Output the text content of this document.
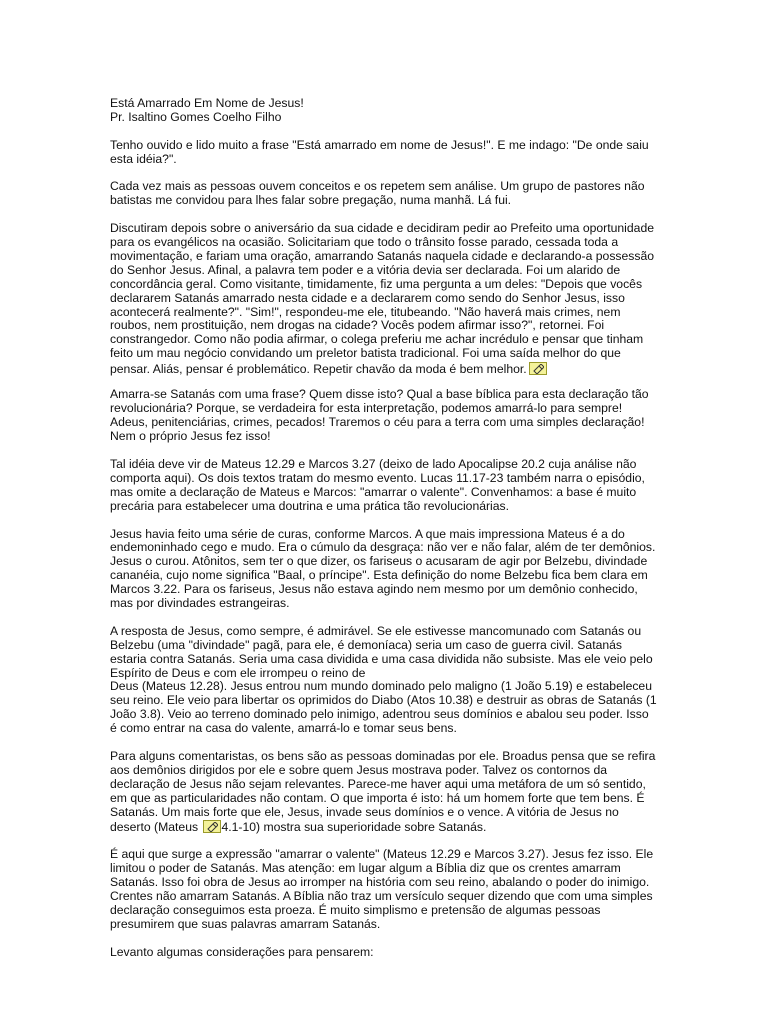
Está Amarrado Em Nome de Jesus!
Pr. Isaltino Gomes Coelho Filho

Tenho ouvido e lido muito a frase "Está amarrado em nome de Jesus!". E me indago: "De onde saiu esta idéia?".

Cada vez mais as pessoas ouvem conceitos e os repetem sem análise. Um grupo de pastores não batistas me convidou para lhes falar sobre pregação, numa manhã. Lá fui.

Discutiram depois sobre o aniversário da sua cidade e decidiram pedir ao Prefeito uma oportunidade para os evangélicos na ocasião. Solicitariam que todo o trânsito fosse parado, cessada toda a movimentação, e fariam uma oração, amarrando Satanás naquela cidade e declarando-a possessão do Senhor Jesus. Afinal, a palavra tem poder e a vitória devia ser declarada. Foi um alarido de concordância geral. Como visitante, timidamente, fiz uma pergunta a um deles: "Depois que vocês declararem Satanás amarrado nesta cidade e a declararem como sendo do Senhor Jesus, isso acontecerá realmente?". "Sim!", respondeu-me ele, titubeando. "Não haverá mais crimes, nem roubos, nem prostituição, nem drogas na cidade? Vocês podem afirmar isso?", retornei. Foi constrangedor. Como não podia afirmar, o colega preferiu me achar incrédulo e pensar que tinham feito um mau negócio convidando um preletor batista tradicional. Foi uma saída melhor do que

pensar. Aliás, pensar é problemático. Repetir chavão da moda é bem melhor.

Amarra-se Satanás com uma frase? Quem disse isto? Qual a base bíblica para esta declaração tão revolucionária? Porque, se verdadeira for esta interpretação, podemos amarrá-lo para sempre! Adeus, penitenciárias, crimes, pecados! Traremos o céu para a terra com uma simples declaração! Nem o próprio Jesus fez isso!

Tal idéia deve vir de Mateus 12.29 e Marcos 3.27 (deixo de lado Apocalipse 20.2 cuja análise não comporta aqui). Os dois textos tratam do mesmo evento. Lucas 11.17-23 também narra o episódio, mas omite a declaração de Mateus e Marcos: "amarrar o valente". Convenhamos: a base é muito precária para estabelecer uma doutrina e uma prática tão revolucionárias.

Jesus havia feito uma série de curas, conforme Marcos. A que mais impressiona Mateus é a do endemoninhado cego e mudo. Era o cúmulo da desgraça: não ver e não falar, além de ter demônios. Jesus o curou. Atônitos, sem ter o que dizer, os fariseus o acusaram de agir por Belzebu, divindade cananéia, cujo nome significa "Baal, o príncipe". Esta definição do nome Belzebu fica bem clara em Marcos 3.22. Para os fariseus, Jesus não estava agindo nem mesmo por um demônio conhecido, mas por divindades estrangeiras.

A resposta de Jesus, como sempre, é admirável. Se ele estivesse mancomunado com Satanás ou Belzebu (uma "divindade" pagã, para ele, é demoníaca) seria um caso de guerra civil. Satanás estaria contra Satanás. Seria uma casa dividida e uma casa dividida não subsiste. Mas ele veio pelo Espírito de Deus e com ele irrompeu o reino de
Deus (Mateus 12.28). Jesus entrou num mundo dominado pelo maligno (1 João 5.19) e estabeleceu seu reino. Ele veio para libertar os oprimidos do Diabo (Atos 10.38) e destruir as obras de Satanás (1 João 3.8). Veio ao terreno dominado pelo inimigo, adentrou seus domínios e abalou seu poder. Isso é como entrar na casa do valente, amarrá-lo e tomar seus bens.

Para alguns comentaristas, os bens são as pessoas dominadas por ele. Broadus pensa que se refira aos demônios dirigidos por ele e sobre quem Jesus mostrava poder. Talvez os contornos da declaração de Jesus não sejam relevantes. Parece-me haver aqui uma metáfora de um só sentido, em que as particularidades não contam. O que importa é isto: há um homem forte que tem bens. É Satanás. Um mais forte que ele, Jesus, invade seus domínios e o vence. A vitória de Jesus no deserto (Mateus 4.1-10) mostra sua superioridade sobre Satanás.

É aqui que surge a expressão "amarrar o valente" (Mateus 12.29 e Marcos 3.27). Jesus fez isso. Ele limitou o poder de Satanás. Mas atenção: em lugar algum a Bíblia diz que os crentes amarram Satanás. Isso foi obra de Jesus ao irromper na história com seu reino, abalando o poder do inimigo. Crentes não amarram Satanás. A Bíblia não traz um versículo sequer dizendo que com uma simples declaração conseguimos esta proeza. É muito simplismo e pretensão de algumas pessoas presumirem que suas palavras amarram Satanás.

Levanto algumas considerações para pensarem:
